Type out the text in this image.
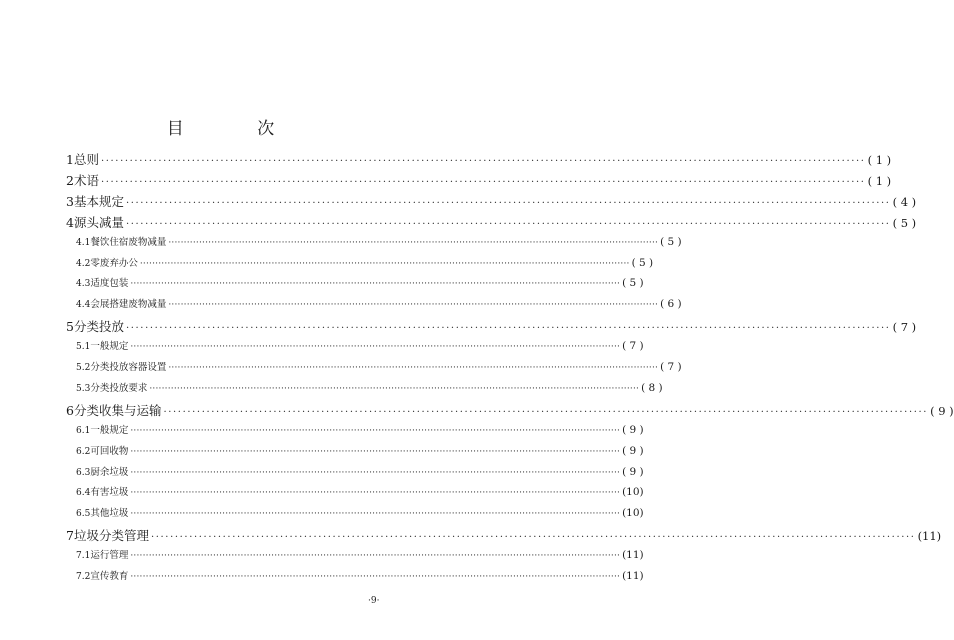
目 次
1 总则 ································································································································································ ( 1 )
2 术语 ································································································································································ ( 1 )
3 基本规定 ································································································································································ ( 4 )
4 源头减量 ································································································································································ ( 5 )
4.1 餐饮住宿废物减量 ································································································································································ ( 5 )
4.2 零废弃办公 ································································································································································ ( 5 )
4.3 适度包装 ································································································································································ ( 5 )
4.4 会展搭建废物减量 ································································································································································ ( 6 )
5 分类投放 ································································································································································ ( 7 )
5.1 一般规定 ································································································································································ ( 7 )
5.2 分类投放容器设置 ································································································································································ ( 7 )
5.3 分类投放要求 ································································································································································ ( 8 )
6 分类收集与运输 ································································································································································ ( 9 )
6.1 一般规定 ································································································································································ ( 9 )
6.2 可回收物 ································································································································································ ( 9 )
6.3 厨余垃圾 ································································································································································ ( 9 )
6.4 有害垃圾 ································································································································································ (10)
6.5 其他垃圾 ································································································································································ (10)
7 垃圾分类管理 ································································································································································ (11)
7.1 运行管理 ································································································································································ (11)
7.2 宣传教育 ································································································································································ (11)
·9·
